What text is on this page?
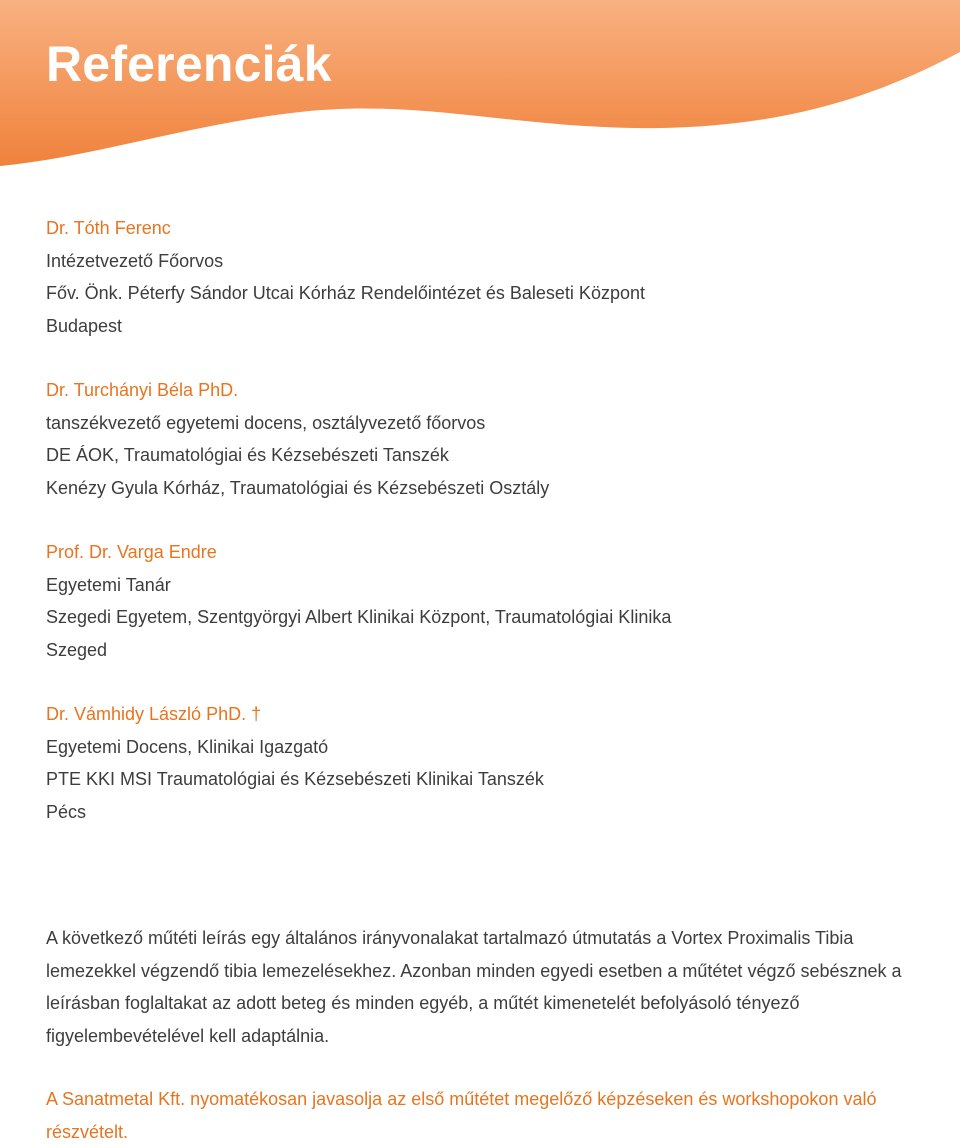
Referenciák
Dr. Tóth Ferenc
Intézetvezető Főorvos
Főv. Önk. Péterfy Sándor Utcai Kórház Rendelőintézet és Baleseti Központ
Budapest
Dr. Turchányi Béla PhD.
tanszékvezető egyetemi docens, osztályvezető főorvos
DE ÁOK, Traumatológiai és Kézsebészeti Tanszék
Kenézy Gyula Kórház, Traumatológiai és Kézsebészeti Osztály
Prof. Dr. Varga Endre
Egyetemi Tanár
Szegedi Egyetem, Szentgyörgyi Albert Klinikai Központ, Traumatológiai Klinika
Szeged
Dr. Vámhidy László PhD. †
Egyetemi Docens, Klinikai Igazgató
PTE KKI MSI Traumatológiai és Kézsebészeti Klinikai Tanszék
Pécs

A következő műtéti leírás egy általános irányvonalakat tartalmazó útmutatás a Vortex Proximalis Tibia lemezekkel végzendő tibia lemezelésekhez. Azonban minden egyedi esetben a műtétet végző sebésznek a leírásban foglaltakat az adott beteg és minden egyéb, a műtét kimenetelét befolyásoló tényező figyelembevételével kell adaptálnia.

A Sanatmetal Kft. nyomatékosan javasolja az első műtétet megelőző képzéseken és workshopokon való részvételt.
